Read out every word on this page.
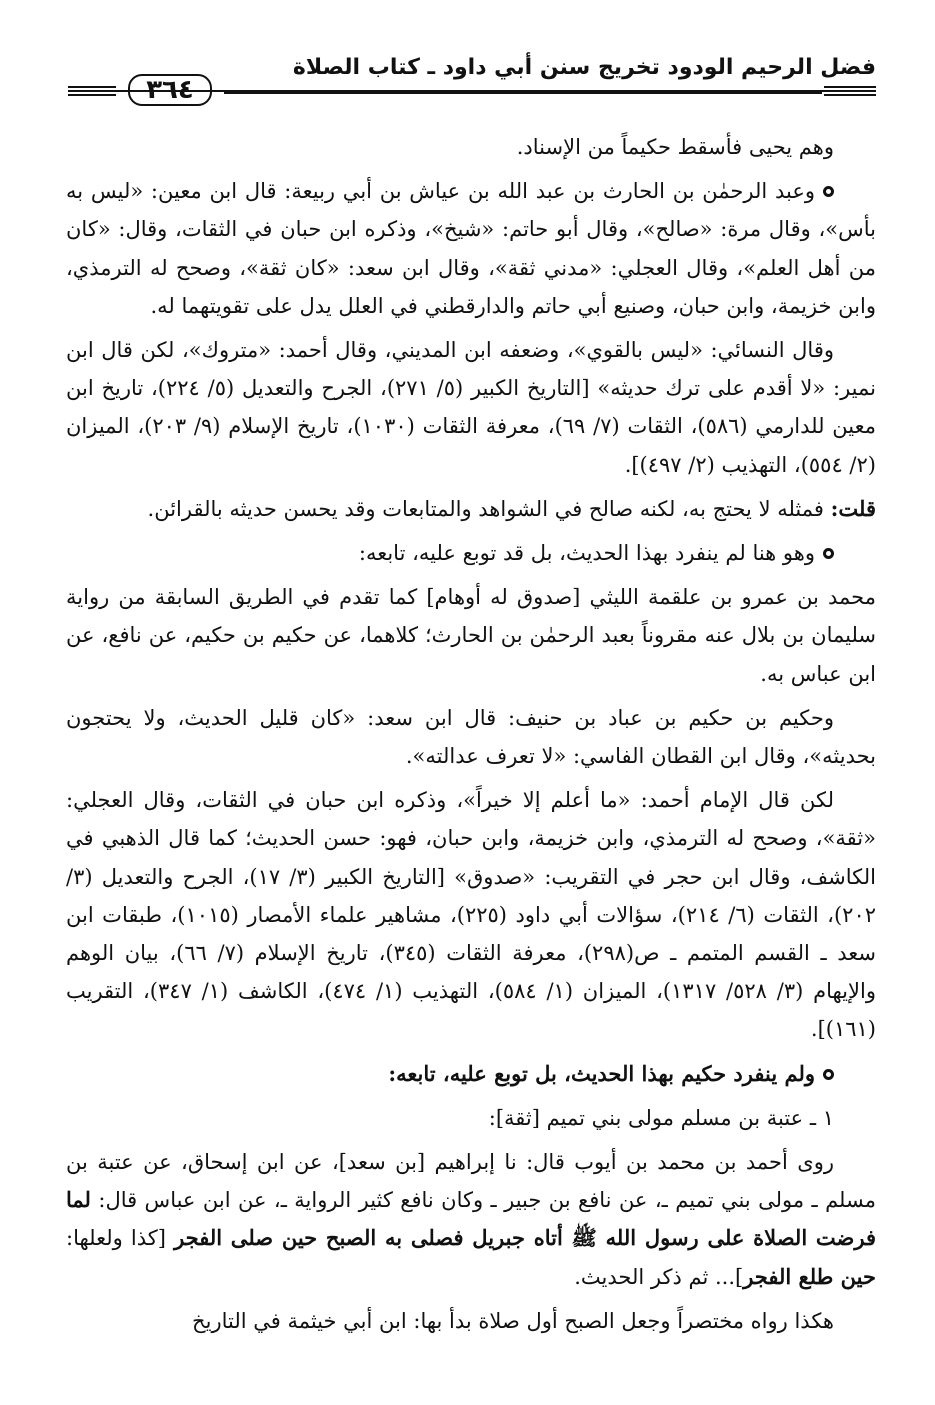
فضل الرحيم الودود تخريج سنن أبي داود ـ كتاب الصلاة
٣٦٤

وهم يحيى فأسقط حكيماً من الإسناد.

وعبد الرحمٰن بن الحارث بن عبد الله بن عياش بن أبي ربيعة: قال ابن معين: «ليس به بأس»، وقال مرة: «صالح»، وقال أبو حاتم: «شيخ»، وذكره ابن حبان في الثقات، وقال: «كان من أهل العلم»، وقال العجلي: «مدني ثقة»، وقال ابن سعد: «كان ثقة»، وصحح له الترمذي، وابن خزيمة، وابن حبان، وصنيع أبي حاتم والدارقطني في العلل يدل على تقويتهما له.

وقال النسائي: «ليس بالقوي»، وضعفه ابن المديني، وقال أحمد: «متروك»، لكن قال ابن نمير: «لا أقدم على ترك حديثه» [التاريخ الكبير (٥/ ٢٧١)، الجرح والتعديل (٥/ ٢٢٤)، تاريخ ابن معين للدارمي (٥٨٦)، الثقات (٧/ ٦٩)، معرفة الثقات (١٠٣٠)، تاريخ الإسلام (٩/ ٢٠٣)، الميزان (٢/ ٥٥٤)، التهذيب (٢/ ٤٩٧)].

قلت: فمثله لا يحتج به، لكنه صالح في الشواهد والمتابعات وقد يحسن حديثه بالقرائن.

وهو هنا لم ينفرد بهذا الحديث، بل قد توبع عليه، تابعه:

محمد بن عمرو بن علقمة الليثي [صدوق له أوهام] كما تقدم في الطريق السابقة من رواية سليمان بن بلال عنه مقروناً بعبد الرحمٰن بن الحارث؛ كلاهما، عن حكيم بن حكيم، عن نافع، عن ابن عباس به.

وحكيم بن حكيم بن عباد بن حنيف: قال ابن سعد: «كان قليل الحديث، ولا يحتجون بحديثه»، وقال ابن القطان الفاسي: «لا تعرف عدالته».

لكن قال الإمام أحمد: «ما أعلم إلا خيراً»، وذكره ابن حبان في الثقات، وقال العجلي: «ثقة»، وصحح له الترمذي، وابن خزيمة، وابن حبان، فهو: حسن الحديث؛ كما قال الذهبي في الكاشف، وقال ابن حجر في التقريب: «صدوق» [التاريخ الكبير (٣/ ١٧)، الجرح والتعديل (٣/ ٢٠٢)، الثقات (٦/ ٢١٤)، سؤالات أبي داود (٢٢٥)، مشاهير علماء الأمصار (١٠١٥)، طبقات ابن سعد ـ القسم المتمم ـ ص(٢٩٨)، معرفة الثقات (٣٤٥)، تاريخ الإسلام (٧/ ٦٦)، بيان الوهم والإيهام (٣/ ٥٢٨/ ١٣١٧)، الميزان (١/ ٥٨٤)، التهذيب (١/ ٤٧٤)، الكاشف (١/ ٣٤٧)، التقريب (١٦١)].

ولم ينفرد حكيم بهذا الحديث، بل توبع عليه، تابعه:

١ ـ عتبة بن مسلم مولى بني تميم [ثقة]:

روى أحمد بن محمد بن أيوب قال: نا إبراهيم [بن سعد]، عن ابن إسحاق، عن عتبة بن مسلم ـ مولى بني تميم ـ، عن نافع بن جبير ـ وكان نافع كثير الرواية ـ، عن ابن عباس قال: لما فرضت الصلاة على رسول الله ﷺ أتاه جبريل فصلى به الصبح حين صلى الفجر [كذا ولعلها: حين طلع الفجر]... ثم ذكر الحديث.

هكذا رواه مختصراً وجعل الصبح أول صلاة بدأ بها: ابن أبي خيثمة في التاريخ
